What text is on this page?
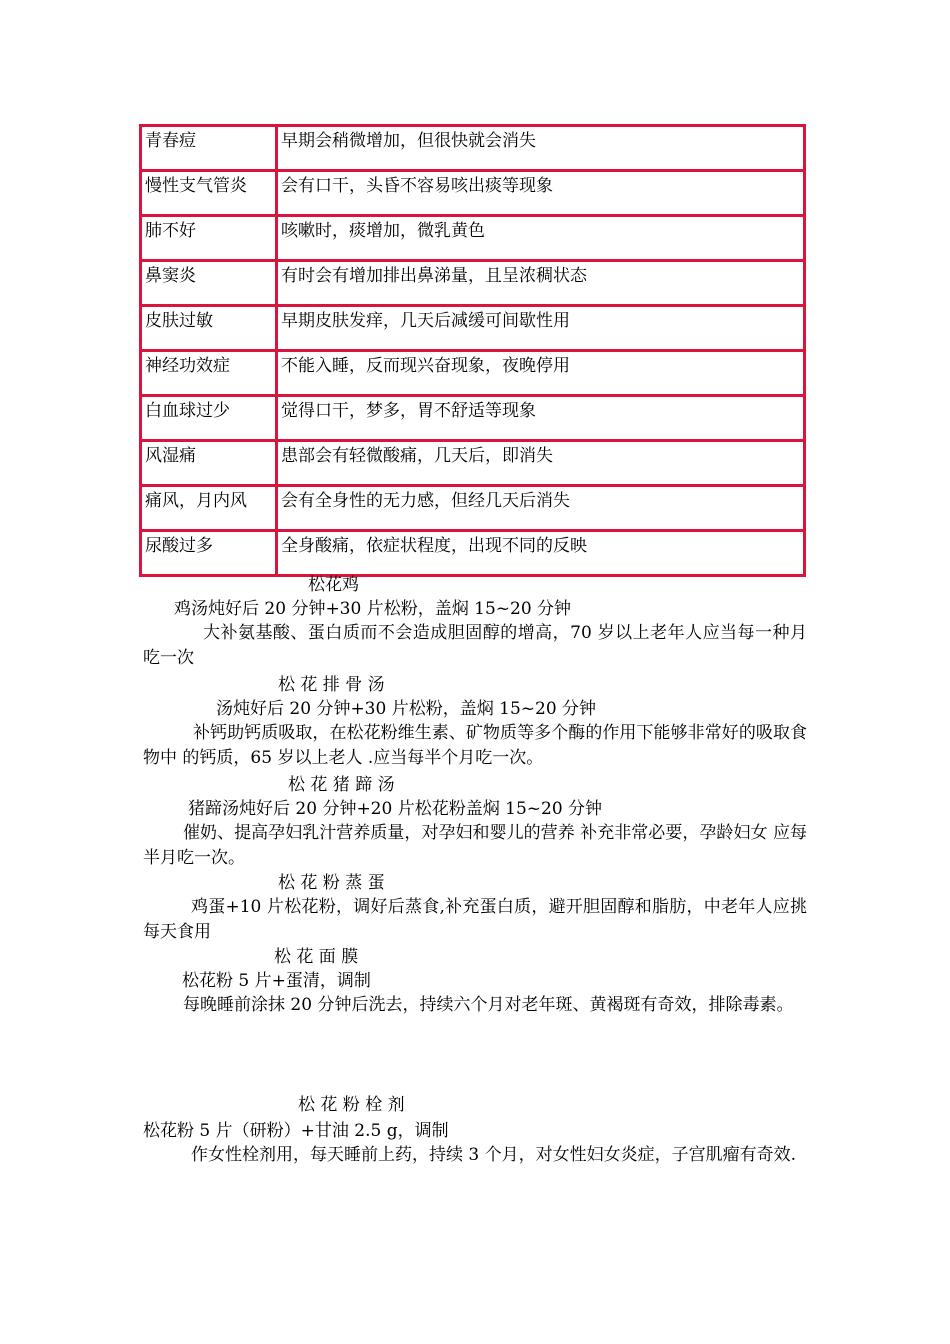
青春痘	早期会稍微增加，但很快就会消失
慢性支气管炎	会有口干，头昏不容易咳出痰等现象
肺不好	咳嗽时，痰增加，微乳黄色
鼻窦炎	有时会有增加排出鼻涕量，且呈浓稠状态
皮肤过敏	早期皮肤发痒，几天后减缓可间歇性用
神经功效症	不能入睡，反而现兴奋现象，夜晚停用
白血球过少	觉得口干，梦多，胃不舒适等现象
风湿痛	患部会有轻微酸痛，几天后，即消失
痛风，月内风	会有全身性的无力感，但经几天后消失
尿酸过多	全身酸痛，依症状程度，出现不同的反映
松花鸡
鸡汤炖好后 20 分钟+30 片松粉，盖焖 15~20 分钟
大补氨基酸、蛋白质而不会造成胆固醇的增高，70 岁以上老年人应当每一种月吃一次
松 花 排 骨 汤
汤炖好后 20 分钟+30 片松粉，盖焖 15~20 分钟
补钙助钙质吸取，在松花粉维生素、矿物质等多个酶的作用下能够非常好的吸取食物中 的钙质，65 岁以上老人 .应当每半个月吃一次。
松 花 猪 蹄 汤
猪蹄汤炖好后 20 分钟+20 片松花粉盖焖 15~20 分钟
催奶、提高孕妇乳汁营养质量，对孕妇和婴儿的营养 补充非常必要，孕龄妇女 应每半月吃一次。
松 花 粉 蒸 蛋
鸡蛋+10 片松花粉，调好后蒸食,补充蛋白质，避开胆固醇和脂肪，中老年人应挑每天食用
松 花 面 膜
松花粉 5 片+蛋清，调制
每晚睡前涂抹 20 分钟后洗去，持续六个月对老年斑、黄褐斑有奇效，排除毒素。
松 花 粉 栓 剂
松花粉 5 片（研粉）+甘油 2.5 g，调制
作女性栓剂用，每天睡前上药，持续 3 个月，对女性妇女炎症，子宫肌瘤有奇效.
